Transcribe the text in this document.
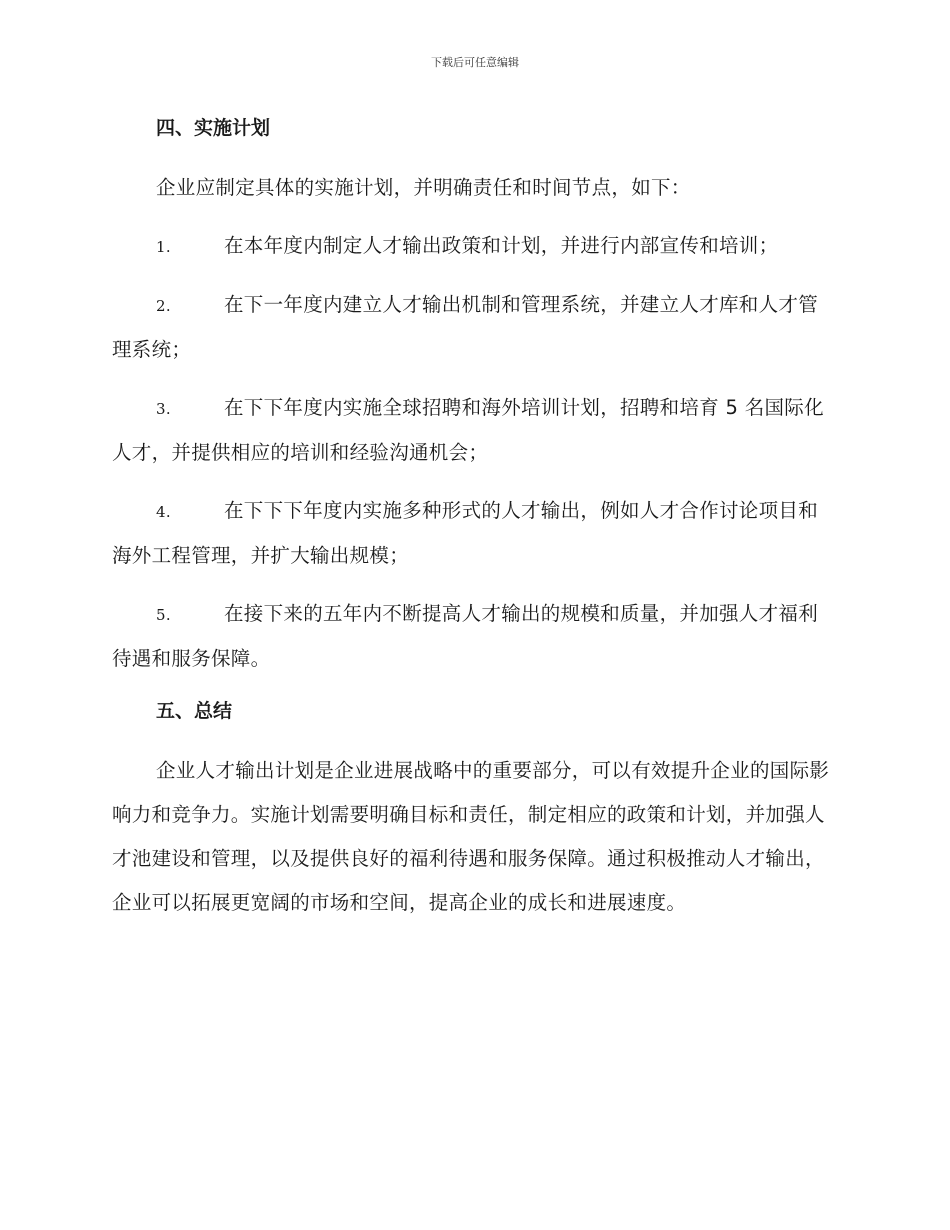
下载后可任意编辑
四、实施计划

企业应制定具体的实施计划，并明确责任和时间节点，如下：

1.	在本年度内制定人才输出政策和计划，并进行内部宣传和培训；
2.	在下一年度内建立人才输出机制和管理系统，并建立人才库和人才管理系统；
3.	在下下年度内实施全球招聘和海外培训计划，招聘和培育 5 名国际化人才，并提供相应的培训和经验沟通机会；
4.	在下下下年度内实施多种形式的人才输出，例如人才合作讨论项目和海外工程管理，并扩大输出规模；
5.	在接下来的五年内不断提高人才输出的规模和质量，并加强人才福利待遇和服务保障。
五、总结

企业人才输出计划是企业进展战略中的重要部分，可以有效提升企业的国际影响力和竞争力。实施计划需要明确目标和责任，制定相应的政策和计划，并加强人才池建设和管理，以及提供良好的福利待遇和服务保障。通过积极推动人才输出，企业可以拓展更宽阔的市场和空间，提高企业的成长和进展速度。
